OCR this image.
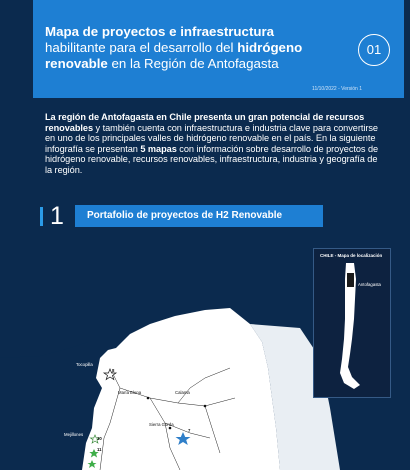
Mapa de proyectos e infraestructura
habilitante para el desarrollo del hidrógeno
renovable en la Región de Antofagasta
11/10/2022 - Versión 1
01
La región de Antofagasta en Chile presenta un gran potencial de recursos renovables y también cuenta con infraestructura e industria clave para convertirse en uno de los principales valles de hidrógeno renovable en el país. En la siguiente infografía se presentan 5 mapas con información sobre desarrollo de proyectos de hidrógeno renovable, recursos renovables, infraestructura, industria y geografía de la región.
1	Portafolio de proyectos de H2 Renovable
Tocopilla
8
María Elena	Calama
Sierra Gorda
7
Mejillones
10
11
CHILE - Mapa de localización
Antofagasta
